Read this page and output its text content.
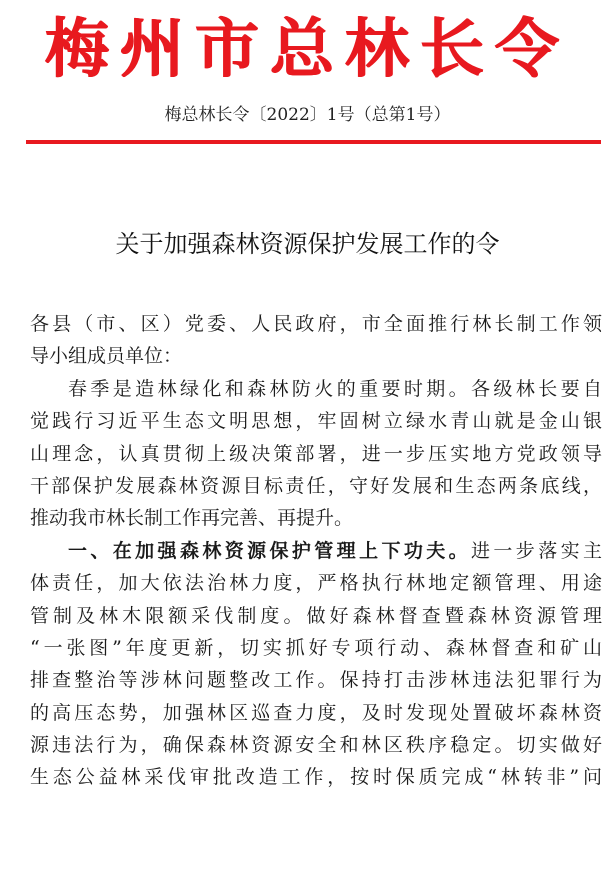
梅州市总林长令
梅总林长令〔2022〕1号（总第1号）
关于加强森林资源保护发展工作的令
各县（市、区）党委、人民政府，市全面推行林长制工作领
导小组成员单位：
春季是造林绿化和森林防火的重要时期。各级林长要自
觉践行习近平生态文明思想，牢固树立绿水青山就是金山银
山理念，认真贯彻上级决策部署，进一步压实地方党政领导
干部保护发展森林资源目标责任，守好发展和生态两条底线，
推动我市林长制工作再完善、再提升。
一、在加强森林资源保护管理上下功夫。进一步落实主
体责任，加大依法治林力度，严格执行林地定额管理、用途
管制及林木限额采伐制度。做好森林督查暨森林资源管理
“一张图”年度更新，切实抓好专项行动、森林督查和矿山
排查整治等涉林问题整改工作。保持打击涉林违法犯罪行为
的高压态势，加强林区巡查力度，及时发现处置破坏森林资
源违法行为，确保森林资源安全和林区秩序稳定。切实做好
生态公益林采伐审批改造工作，按时保质完成“林转非”问
